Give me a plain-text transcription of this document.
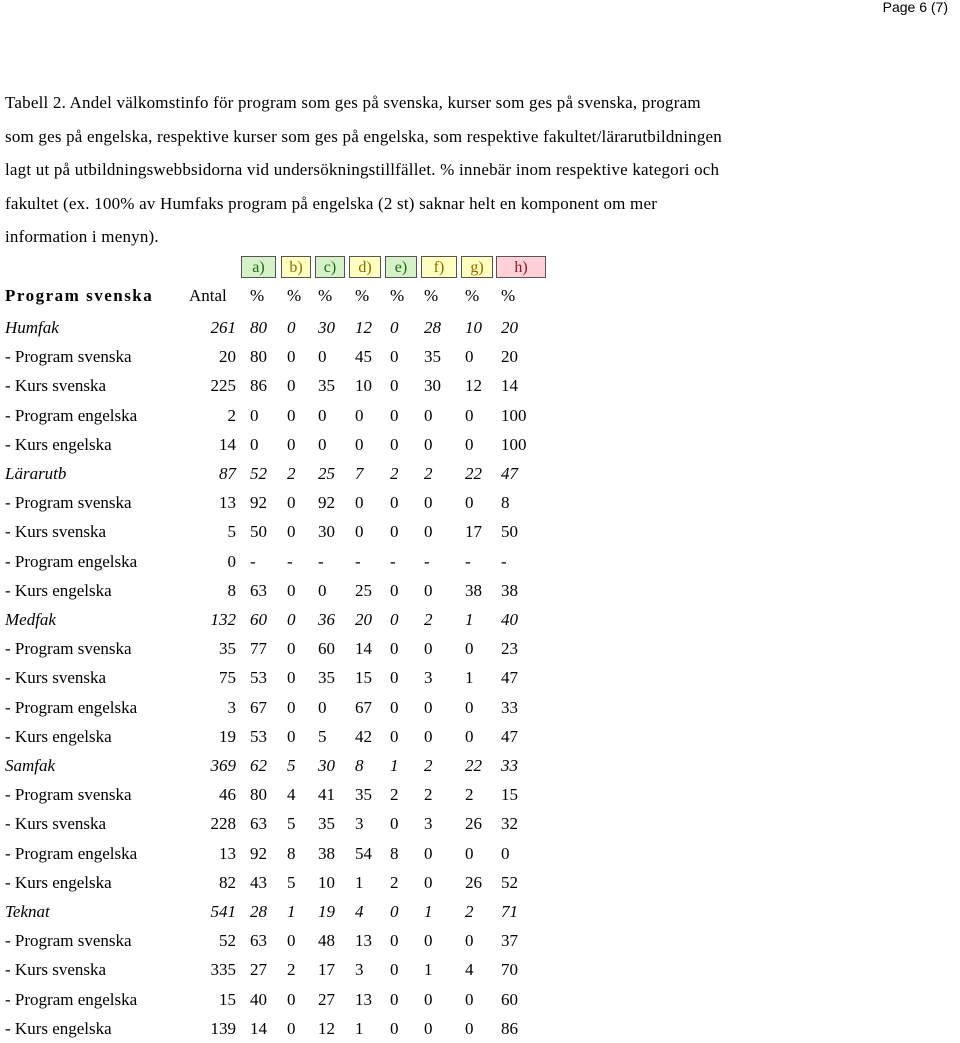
Page 6 (7)
Tabell 2. Andel välkomstinfo för program som ges på svenska, kurser som ges på svenska, program
som ges på engelska, respektive kurser som ges på engelska, som respektive fakultet/lärarutbildningen
lagt ut på utbildningswebbsidorna vid undersökningstillfället. % innebär inom respektive kategori och
fakultet (ex. 100% av Humfaks program på engelska (2 st) saknar helt en komponent om mer
information i menyn).
a)	b)	c)	d)	e)	f)	g)	h)
Program svenska Antal % % % % % % % %
Humfak	261 80 0 30 12 0 28 10 20
- Program svenska	20 80 0 0 45 0 35 0 20
- Kurs svenska	225 86 0 35 10 0 30 12 14
- Program engelska	2 0 0 0 0 0 0 0 100
- Kurs engelska	14 0 0 0 0 0 0 0 100
Lärarutb	87 52 2 25 7 2 2 22 47
- Program svenska	13 92 0 92 0 0 0 0 8
- Kurs svenska	5 50 0 30 0 0 0 17 50
- Program engelska	0 - - - - - - - -
- Kurs engelska	8 63 0 0 25 0 0 38 38
Medfak	132 60 0 36 20 0 2 1 40
- Program svenska	35 77 0 60 14 0 0 0 23
- Kurs svenska	75 53 0 35 15 0 3 1 47
- Program engelska	3 67 0 0 67 0 0 0 33
- Kurs engelska	19 53 0 5 42 0 0 0 47
Samfak	369 62 5 30 8 1 2 22 33
- Program svenska	46 80 4 41 35 2 2 2 15
- Kurs svenska	228 63 5 35 3 0 3 26 32
- Program engelska	13 92 8 38 54 8 0 0 0
- Kurs engelska	82 43 5 10 1 2 0 26 52
Teknat	541 28 1 19 4 0 1 2 71
- Program svenska	52 63 0 48 13 0 0 0 37
- Kurs svenska	335 27 2 17 3 0 1 4 70
- Program engelska	15 40 0 27 13 0 0 0 60
- Kurs engelska	139 14 0 12 1 0 0 0 86
